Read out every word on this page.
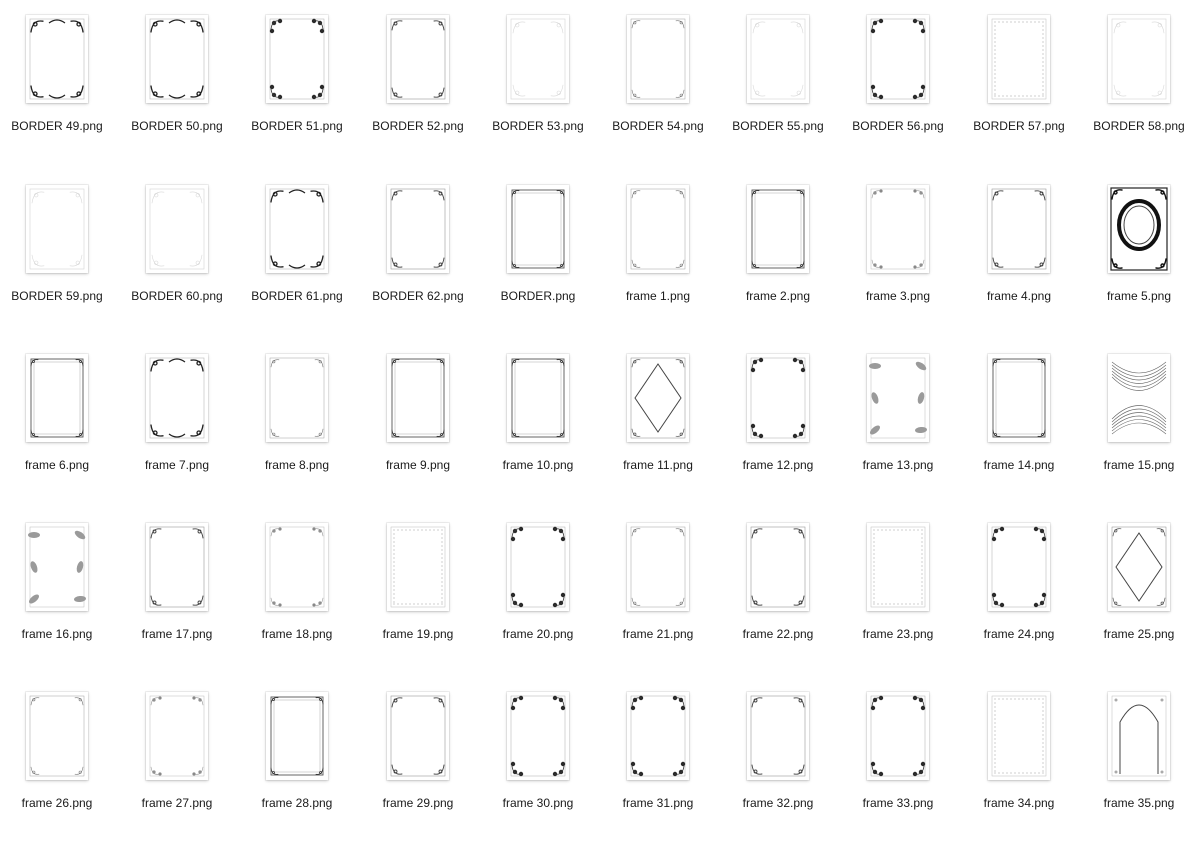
BORDER 49.png	BORDER 50.png	BORDER 51.png	BORDER 52.png	BORDER 53.png	BORDER 54.png	BORDER 55.png	BORDER 56.png	BORDER 57.png	BORDER 58.png
BORDER 59.png	BORDER 60.png	BORDER 61.png	BORDER 62.png	BORDER.png	frame 1.png	frame 2.png	frame 3.png	frame 4.png	frame 5.png
frame 6.png	frame 7.png	frame 8.png	frame 9.png	frame 10.png	frame 11.png	frame 12.png	frame 13.png	frame 14.png	frame 15.png
frame 16.png	frame 17.png	frame 18.png	frame 19.png	frame 20.png	frame 21.png	frame 22.png	frame 23.png	frame 24.png	frame 25.png
frame 26.png	frame 27.png	frame 28.png	frame 29.png	frame 30.png	frame 31.png	frame 32.png	frame 33.png	frame 34.png	frame 35.png
